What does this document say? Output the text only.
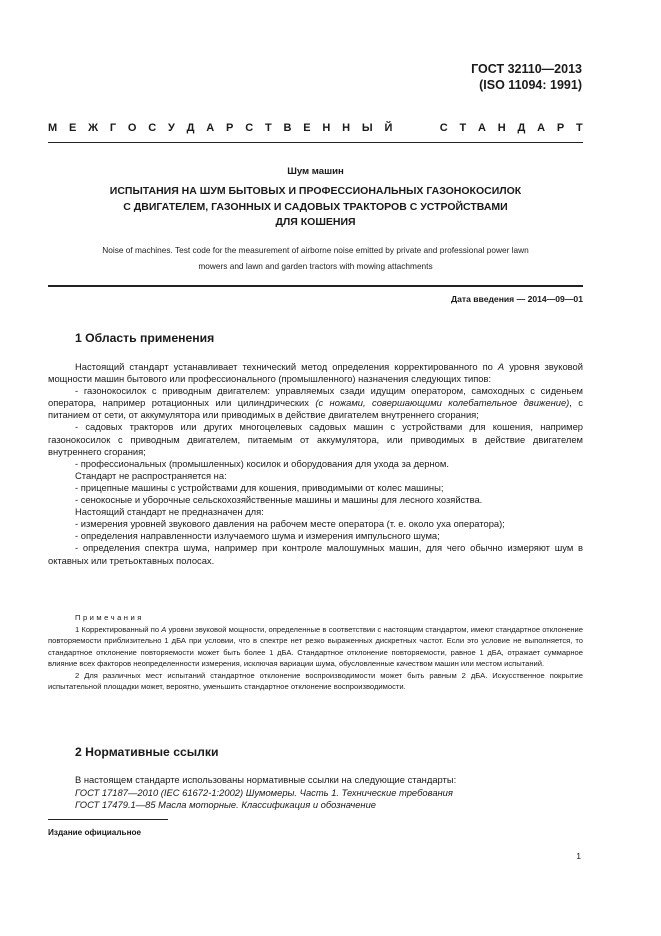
ГОСТ 32110—2013
(ISO 11094: 1991)
М Е Ж Г О С У Д А Р С Т В Е Н Н Ы Й	С Т А Н Д А Р Т
Шум машин
ИСПЫТАНИЯ НА ШУМ БЫТОВЫХ И ПРОФЕССИОНАЛЬНЫХ ГАЗОНОКОСИЛОК
С ДВИГАТЕЛЕМ, ГАЗОННЫХ И САДОВЫХ ТРАКТОРОВ С УСТРОЙСТВАМИ
ДЛЯ КОШЕНИЯ
Noise of machines. Test code for the measurement of airborne noise emitted by private and professional power lawn
mowers and lawn and garden tractors with mowing attachments
Дата введения — 2014—09—01
1 Область применения

Настоящий стандарт устанавливает технический метод определения корректированного по А уровня звуковой мощности машин бытового или профессионального (промышленного) назначения следующих типов:

- газонокосилок с приводным двигателем: управляемых сзади идущим оператором, самоходных с сиденьем оператора, например ротационных или цилиндрических (с ножами, совершающими колебательное движение), с питанием от сети, от аккумулятора или приводимых в действие двигателем внутреннего сгорания;

- садовых тракторов или других многоцелевых садовых машин с устройствами для кошения, например газонокосилок с приводным двигателем, питаемым от аккумулятора, или приводимых в действие двигателем внутреннего сгорания;

- профессиональных (промышленных) косилок и оборудования для ухода за дерном.

Стандарт не распространяется на:

- прицепные машины с устройствами для кошения, приводимыми от колес машины;

- сенокосные и уборочные сельскохозяйственные машины и машины для лесного хозяйства.

Настоящий стандарт не предназначен для:

- измерения уровней звукового давления на рабочем месте оператора (т. е. около уха оператора);

- определения направленности излучаемого шума и измерения импульсного шума;

- определения спектра шума, например при контроле малошумных машин, для чего обычно измеряют шум в октавных или третьоктавных полосах.

Примечания

1 Корректированный по А уровни звуковой мощности, определенные в соответствии с настоящим стандартом, имеют стандартное отклонение повторяемости приблизительно 1 дБА при условии, что в спектре нет резко выраженных дискретных частот. Если это условие не выполняется, то стандартное отклонение повторяемости может быть более 1 дБА. Стандартное отклонение повторяемости, равное 1 дБА, отражает суммарное влияние всех факторов неопределенности измерения, исключая вариации шума, обусловленные качеством машин или местом испытаний.

2 Для различных мест испытаний стандартное отклонение воспроизводимости может быть равным 2 дБА. Искусственное покрытие испытательной площадки может, вероятно, уменьшить стандартное отклонение воспроизводимости.

2 Нормативные ссылки

В настоящем стандарте использованы нормативные ссылки на следующие стандарты:

ГОСТ 17187—2010 (IEC 61672-1:2002) Шумомеры. Часть 1. Технические требования

ГОСТ 17479.1—85 Масла моторные. Классификация и обозначение

Издание официальное
1
